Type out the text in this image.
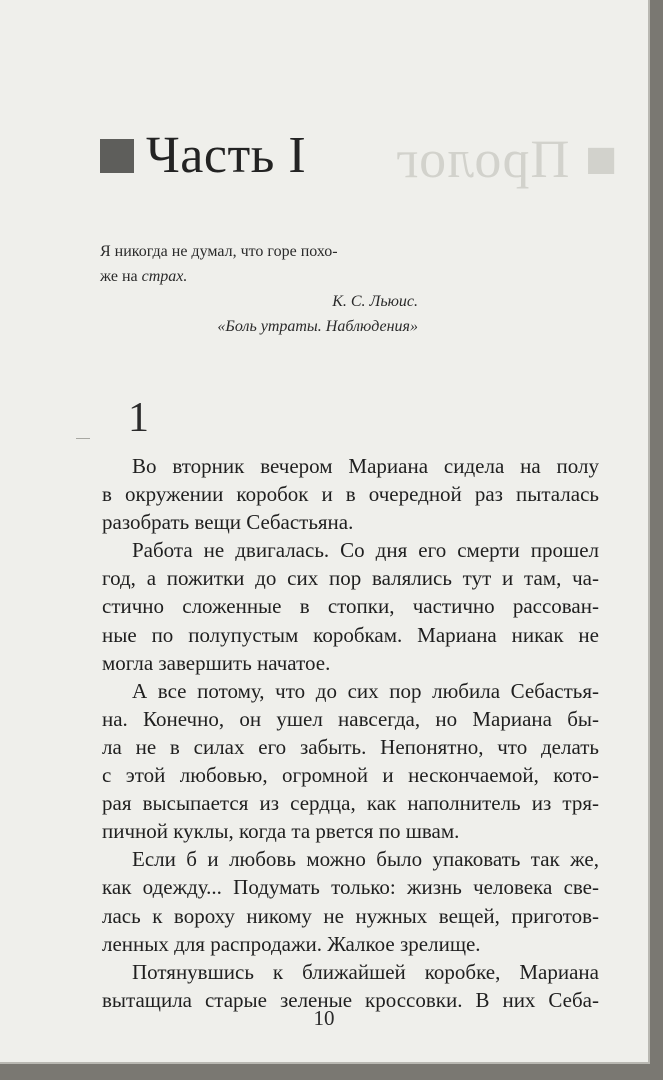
■ Пролог
Часть I
Я никогда не думал, что горе похо-
же на страх.
К. С. Льюис.
«Боль утраты. Наблюдения»
1
Во вторник вечером Мариана сидела на полу
в окружении коробок и в очередной раз пыталась
разобрать вещи Себастьяна.
Работа не двигалась. Со дня его смерти прошел
год, а пожитки до сих пор валялись тут и там, ча-
стично сложенные в стопки, частично рассован-
ные по полупустым коробкам. Мариана никак не
могла завершить начатое.
А все потому, что до сих пор любила Себастья-
на. Конечно, он ушел навсегда, но Мариана бы-
ла не в силах его забыть. Непонятно, что делать
с этой любовью, огромной и нескончаемой, кото-
рая высыпается из сердца, как наполнитель из тря-
пичной куклы, когда та рвется по швам.
Если б и любовь можно было упаковать так же,
как одежду... Подумать только: жизнь человека све-
лась к вороху никому не нужных вещей, приготов-
ленных для распродажи. Жалкое зрелище.
Потянувшись к ближайшей коробке, Мариана
вытащила старые зеленые кроссовки. В них Себа-
10
